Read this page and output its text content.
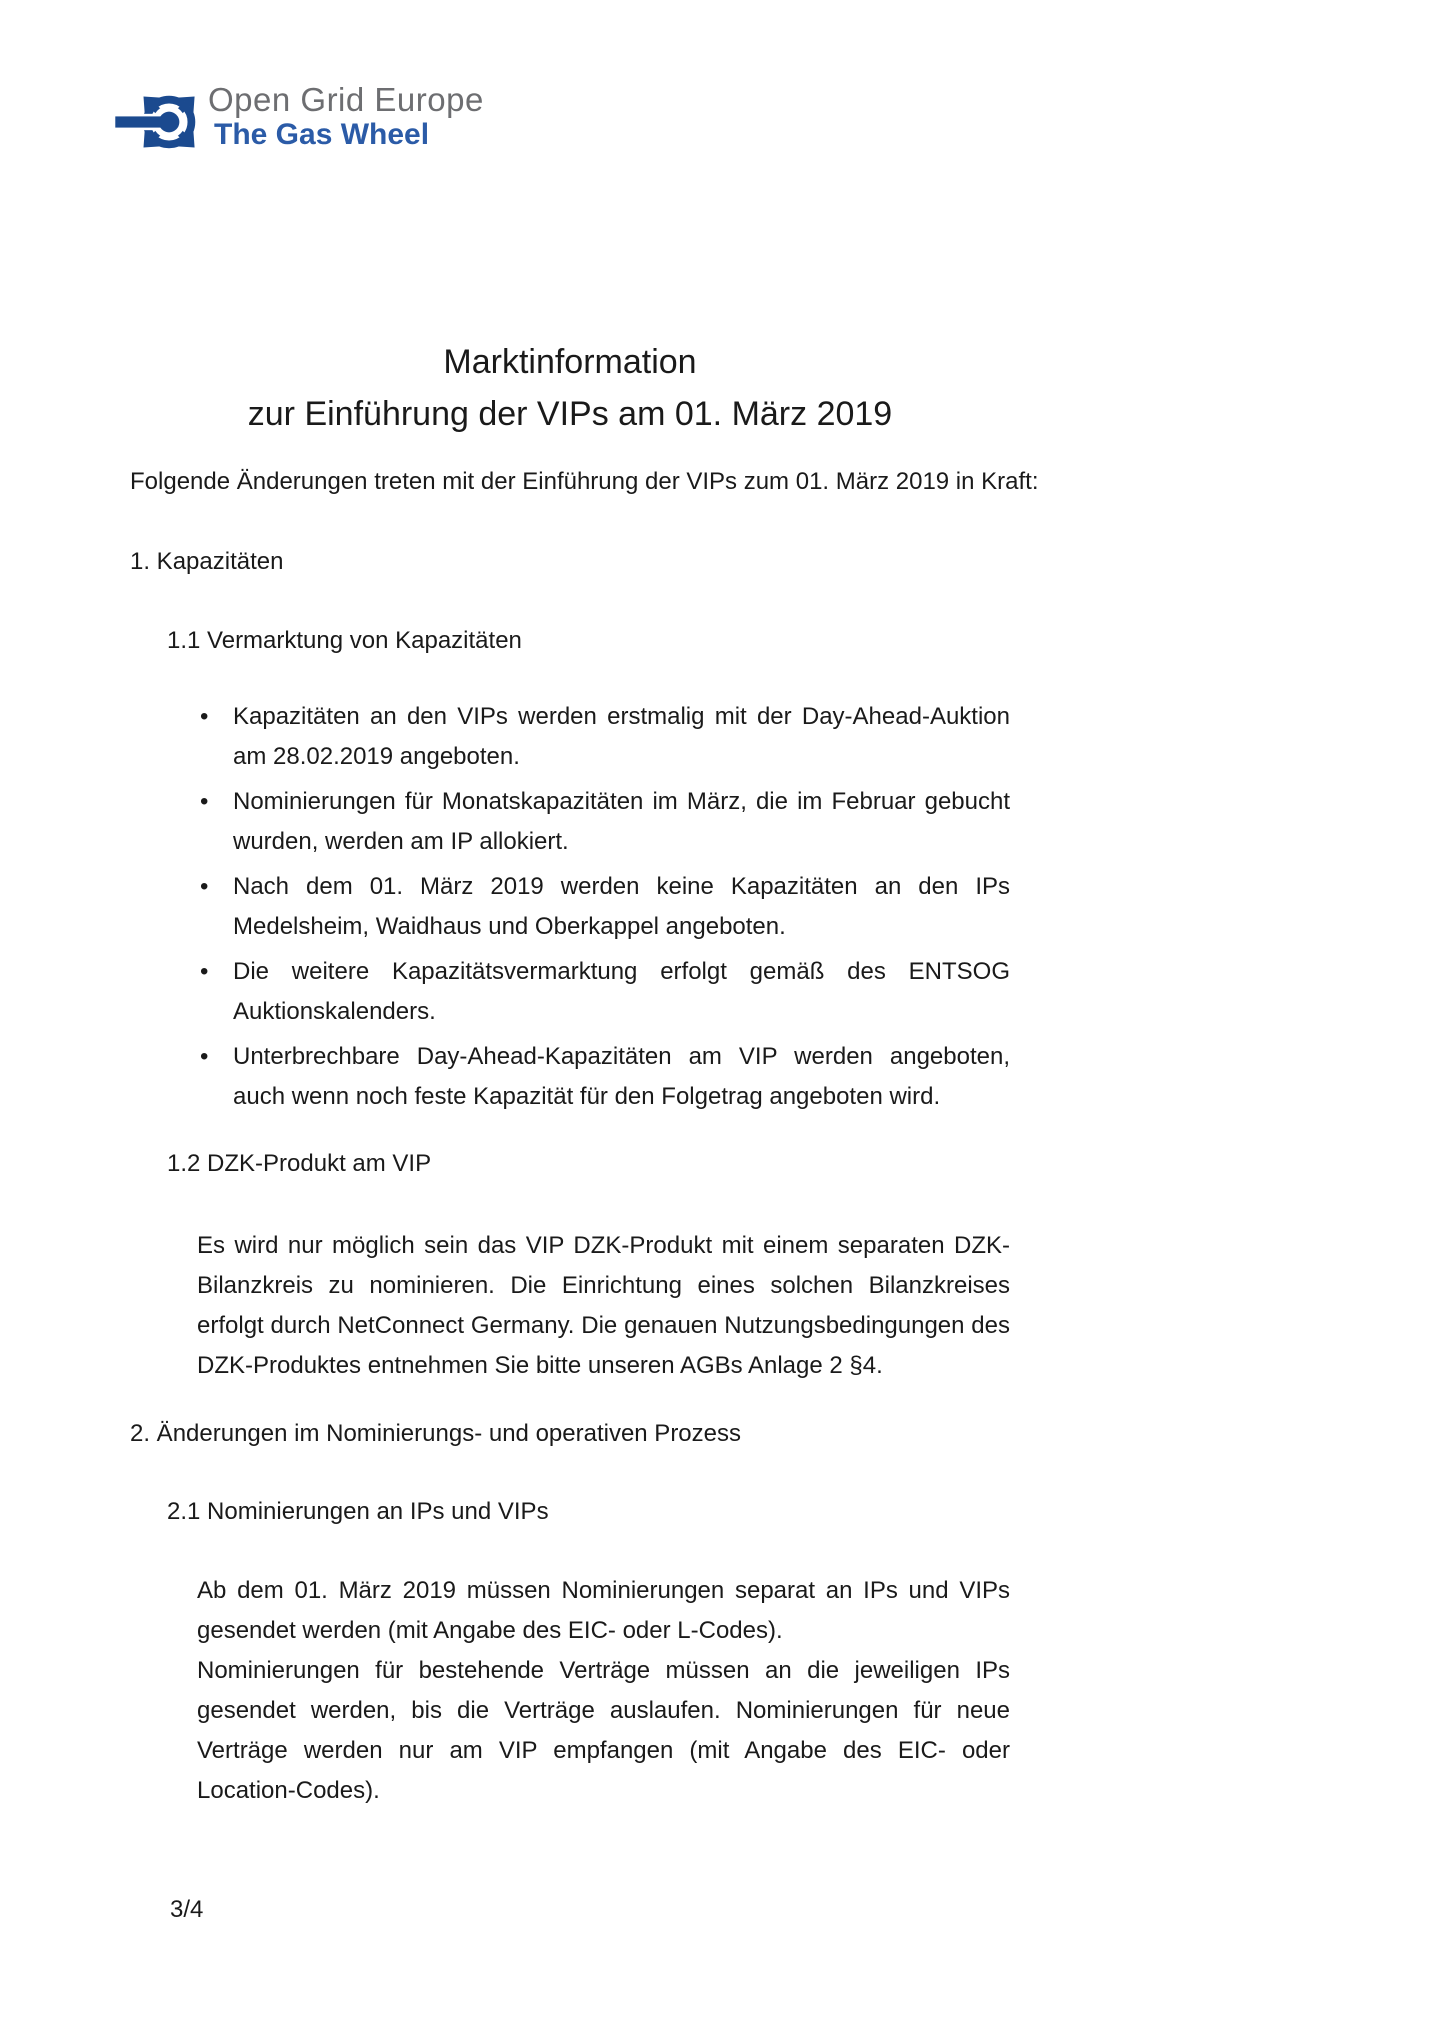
Open Grid Europe
The Gas Wheel
Marktinformation
zur Einführung der VIPs am 01. März 2019
Folgende Änderungen treten mit der Einführung der VIPs zum 01. März 2019 in Kraft:
1. Kapazitäten
1.1 Vermarktung von Kapazitäten
• Kapazitäten an den VIPs werden erstmalig mit der Day-Ahead-Auktion am 28.02.2019 angeboten.
• Nominierungen für Monatskapazitäten im März, die im Februar gebucht wurden, werden am IP allokiert.
• Nach dem 01. März 2019 werden keine Kapazitäten an den IPs Medelsheim, Waidhaus und Oberkappel angeboten.
• Die weitere Kapazitätsvermarktung erfolgt gemäß des ENTSOG Auktionskalenders.
• Unterbrechbare Day-Ahead-Kapazitäten am VIP werden angeboten, auch wenn noch feste Kapazität für den Folgetrag angeboten wird.
1.2 DZK-Produkt am VIP
Es wird nur möglich sein das VIP DZK-Produkt mit einem separaten DZK-Bilanzkreis zu nominieren. Die Einrichtung eines solchen Bilanzkreises erfolgt durch NetConnect Germany. Die genauen Nutzungsbedingungen des DZK-Produktes entnehmen Sie bitte unseren AGBs Anlage 2 §4.
2. Änderungen im Nominierungs- und operativen Prozess
2.1 Nominierungen an IPs und VIPs
Ab dem 01. März 2019 müssen Nominierungen separat an IPs und VIPs gesendet werden (mit Angabe des EIC- oder L-Codes).
Nominierungen für bestehende Verträge müssen an die jeweiligen IPs gesendet werden, bis die Verträge auslaufen. Nominierungen für neue Verträge werden nur am VIP empfangen (mit Angabe des EIC- oder Location-Codes).
3/4
